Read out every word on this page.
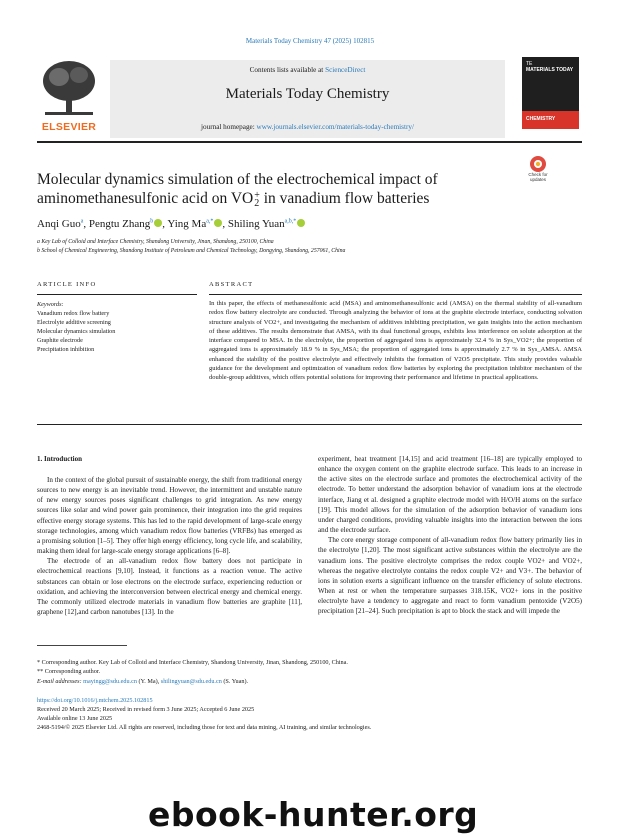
Materials Today Chemistry 47 (2025) 102815
ELSEVIER
Contents lists available at ScienceDirect
Materials Today Chemistry
journal homepage: www.journals.elsevier.com/materials-today-chemistry/
TE
MATERIALS TODAY
CHEMISTRY
Molecular dynamics simulation of the electrochemical impact of
aminomethanesulfonic acid on VO +
2 in vanadium flow batteries
Check for updates
Anqi Guo$^a$, Pengtu Zhang$^b$ , Ying $Ma^{a,*}$ , Shiling Yuan$^{a,b,*}$
a Key Lab of Colloid and Interface Chemistry, Shandong University, Jinan, Shandong, 250100, China
b School of Chemical Engineering, Shandong Institute of Petroleum and Chemical Technology, Dongying, Shandong, 257061, China
ARTICLE INFO	ABSTRACT
Keywords:
Vanadium redox flow battery
Electrolyte additive screening
Molecular dynamics simulation
Graphite electrode
Precipitation inhibition
In this paper, the effects of methanesulfonic acid (MSA) and aminomethanesulfonic acid (AMSA) on the thermal stability of all-vanadium redox flow battery electrolyte are conducted. Through analyzing the behavior of ions at the graphite electrode interface, conducting solvation structure analysis of VO2+, and investigating the mechanism of additives inhibiting precipitation, we gain insights into the action mechanism of these additives. The results demonstrate that AMSA, with its dual functional groups, exhibits less interference on solute adsorption at the interface compared to MSA. In the electrolyte, the proportion of aggregated ions is approximately 32.4 % in Sys_VO2+; the proportion of aggregated ions is approximately 18.9 % in Sys_MSA; the proportion of aggregated ions is approximately 2.7 % in Sys_AMSA. AMSA enhanced the stability of the positive electrolyte and effectively inhibits the formation of V2O5 precipitate. This study provides valuable guidance for the development and optimization of vanadium redox flow batteries by exploring the precipitation inhibitor mechanism of the double-group additives, which offers potential solutions for improving their performance and lifetime in practical applications.
1. Introduction

In the context of the global pursuit of sustainable energy, the shift from traditional energy sources to new energy is an inevitable trend. However, the intermittent and unstable nature of new energy sources poses significant challenges to grid integration. As new energy sources like solar and wind power gain prominence, their integration into the grid requires effective energy storage systems. This has led to the rapid development of large-scale energy storage technologies, among which vanadium redox flow batteries (VRFBs) has emerged as a promising solution [1–5]. They offer high energy efficiency, long cycle life, and scalability, making them ideal for large-scale energy storage applications [6–8].

The electrode of an all-vanadium redox flow battery does not participate in electrochemical reactions [9,10]. Instead, it functions as a reaction venue. The active substances can obtain or lose electrons on the electrode surface, experiencing reduction or oxidation, and achieving the interconversion between electrical energy and chemical energy. The commonly utilized electrode materials in vanadium flow batteries are graphite [11], graphene [12],and carbon nanotubes [13]. In the

experiment, heat treatment [14,15] and acid treatment [16–18] are typically employed to enhance the oxygen content on the graphite electrode surface. This leads to an increase in the active sites on the electrode surface and promotes the electrochemical activity of the electrode. To better understand the adsorption behavior of vanadium ions at the electrode interface, Jiang et al. designed a graphite electrode model with H/O/H atoms on the surface [19]. This model allows for the simulation of the adsorption behavior of vanadium ions under charged conditions, providing valuable insights into the interaction between the ions and the electrode surface.

The core energy storage component of all-vanadium redox flow battery primarily lies in the electrolyte [1,20]. The most significant active substances within the electrolyte are the vanadium ions. The positive electrolyte comprises the redox couple VO2+ and VO2+, whereas the negative electrolyte contains the redox couple V2+ and V3+. The behavior of ions in solution exerts a significant influence on the transfer efficiency of solute electrons. When at rest or when the temperature surpasses 318.15K, VO2+ ions in the positive electrolyte have a tendency to aggregate and react to form vanadium pentoxide (V2O5) precipitation [21–24]. Such precipitation is apt to block the stack and will impede the

* Corresponding author. Key Lab of Colloid and Interface Chemistry, Shandong University, Jinan, Shandong, 250100, China.
** Corresponding author.
E-mail addresses: mayingg@sdu.edu.cn (Y. Ma), shilingyuan@sdu.edu.cn (S. Yuan).
https://doi.org/10.1016/j.mtchem.2025.102815
Received 20 March 2025; Received in revised form 3 June 2025; Accepted 6 June 2025
Available online 13 June 2025
2468-5194/© 2025 Elsevier Ltd. All rights are reserved, including those for text and data mining, AI training, and similar technologies.
ebook-hunter.org
